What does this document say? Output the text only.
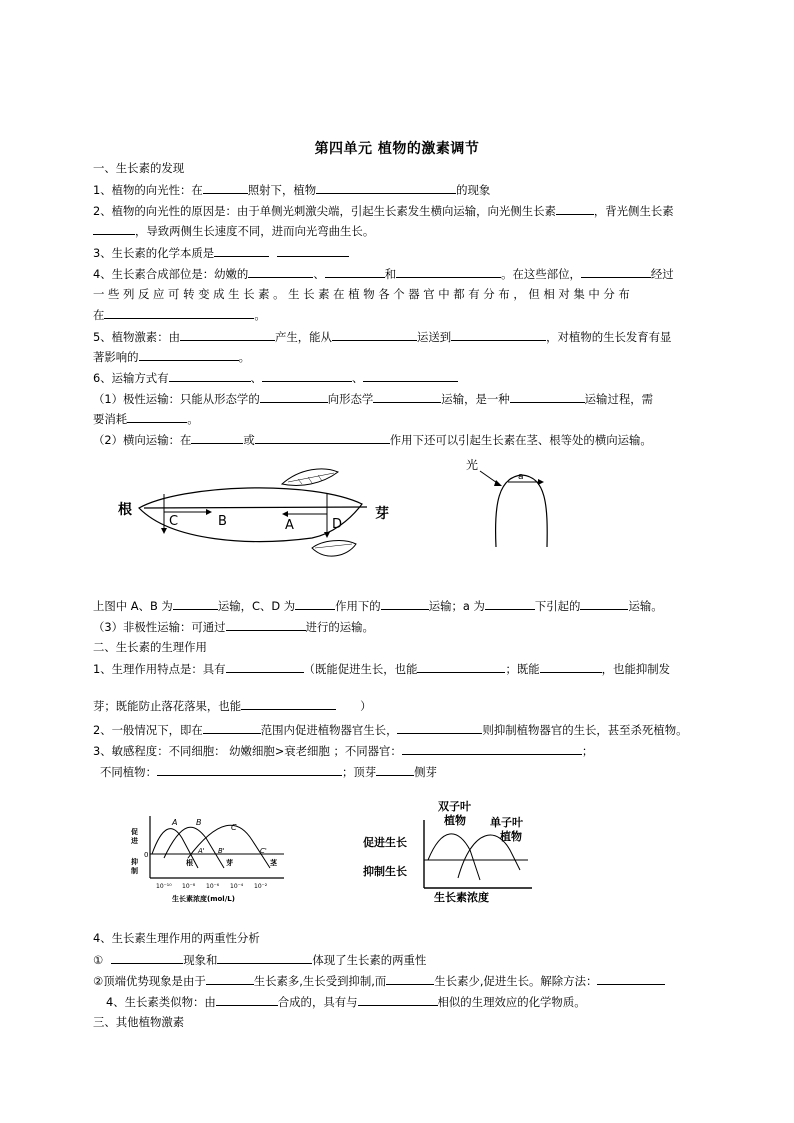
第四单元 植物的激素调节
一、生长素的发现
1、植物的向光性：在	照射下，植物	的现象
2、植物的向光性的原因是：由于单侧光刺激尖端，引起生长素发生横向运输，向光侧生长素	，背光侧生长素
，导致两侧生长速度不同，进而向光弯曲生长。
3、生长素的化学本质是
4、生长素合成部位是：幼嫩的	、	和	。在这些部位，	经过
一 些 列 反 应 可 转 变 成 生 长 素 。 生 长 素 在 植 物 各 个 器 官 中 都 有 分 布 ， 但 相 对 集 中 分 布
在	。
5、植物激素：由	产生，能从	运送到	，对植物的生长发育有显
著影响的	。
6、运输方式有	、	、
（1）极性运输：只能从形态学的	向形态学	运输，是一种	运输过程，需
要消耗	。
（2）横向运输：在	或	作用下还可以引起生长素在茎、根等处的横向运输。
根
C	B	A	D
芽
光
a
上图中 A、B 为	运输，C、D 为	作用下的	运输；a 为	下引起的	运输。
（3）非极性运输：可通过	进行的运输。
二、生长素的生理作用
1、生理作用特点是：具有	（既能促进生长，也能	；既能	，也能抑制发
芽；既能防止落花落果，也能	）
2、一般情况下，即在	范围内促进植物器官生长，	则抑制植物器官的生长，甚至杀死植物。
3、敏感程度：不同细胞： 幼嫩细胞>衰老细胞 ；不同器官：	；
不同植物：	；顶芽	侧芽
促
进
0
抑
制
A B
C
A' B'	C'
根	芽	茎
10⁻¹⁰ 10⁻⁸ 10⁻⁶ 10⁻⁴ 10⁻²
生长素浓度(mol/L)
双子叶
植物 单子叶
植物
促进生长
抑制生长
生长素浓度
4、生长素生理作用的两重性分析
①	现象和	体现了生长素的两重性
②顶端优势现象是由于	生长素多,生长受到抑制,而	生长素少,促进生长。解除方法：
4、生长素类似物：由	合成的，具有与	相似的生理效应的化学物质。
三、其他植物激素
